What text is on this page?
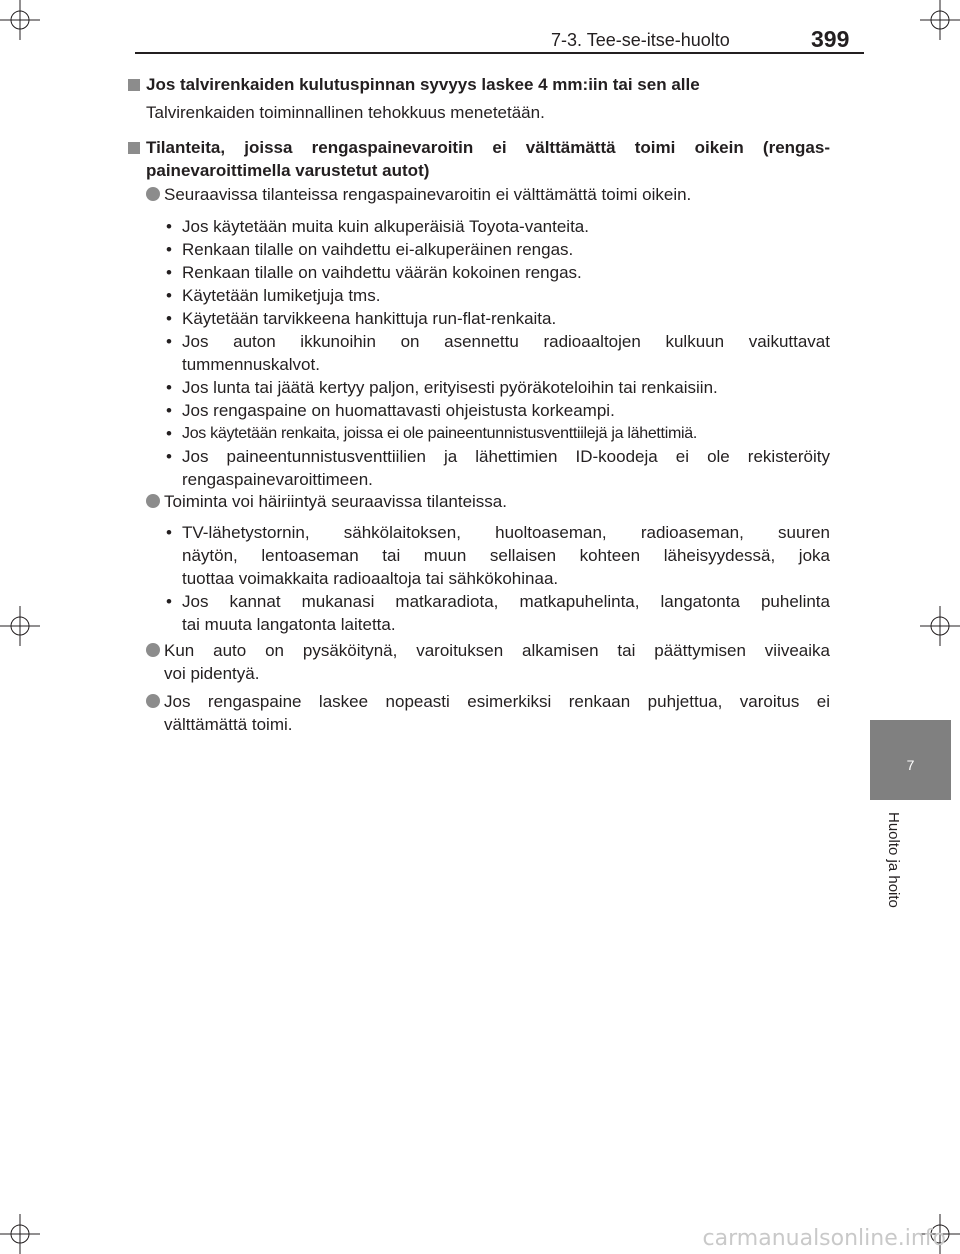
7-3. Tee-se-itse-huolto	399
Jos talvirenkaiden kulutuspinnan syvyys laskee 4 mm:iin tai sen alle
Talvirenkaiden toiminnallinen tehokkuus menetetään.
Tilanteita, joissa rengaspainevaroitin ei välttämättä toimi oikein (rengas-
painevaroittimella varustetut autot)
Seuraavissa tilanteissa rengaspainevaroitin ei välttämättä toimi oikein.
• Jos käytetään muita kuin alkuperäisiä Toyota-vanteita.
• Renkaan tilalle on vaihdettu ei-alkuperäinen rengas.
• Renkaan tilalle on vaihdettu väärän kokoinen rengas.
• Käytetään lumiketjuja tms.
• Käytetään tarvikkeena hankittuja run-flat-renkaita.
• Jos auton ikkunoihin on asennettu radioaaltojen kulkuun vaikuttavat
tummennuskalvot.
• Jos lunta tai jäätä kertyy paljon, erityisesti pyöräkoteloihin tai renkaisiin.
• Jos rengaspaine on huomattavasti ohjeistusta korkeampi.
• Jos käytetään renkaita, joissa ei ole paineentunnistusventtiilejä ja lähettimiä.
• Jos paineentunnistusventtiilien ja lähettimien ID-koodeja ei ole rekisteröity
rengaspainevaroittimeen.
Toiminta voi häiriintyä seuraavissa tilanteissa.
• TV-lähetystornin, sähkölaitoksen, huoltoaseman, radioaseman, suuren
näytön, lentoaseman tai muun sellaisen kohteen läheisyydessä, joka
tuottaa voimakkaita radioaaltoja tai sähkökohinaa.
• Jos kannat mukanasi matkaradiota, matkapuhelinta, langatonta puhelinta
tai muuta langatonta laitetta.
Kun auto on pysäköitynä, varoituksen alkamisen tai päättymisen viiveaika
voi pidentyä.
Jos rengaspaine laskee nopeasti esimerkiksi renkaan puhjettua, varoitus ei
välttämättä toimi.
7
Huolto ja hoito
carmanualsonline.info
